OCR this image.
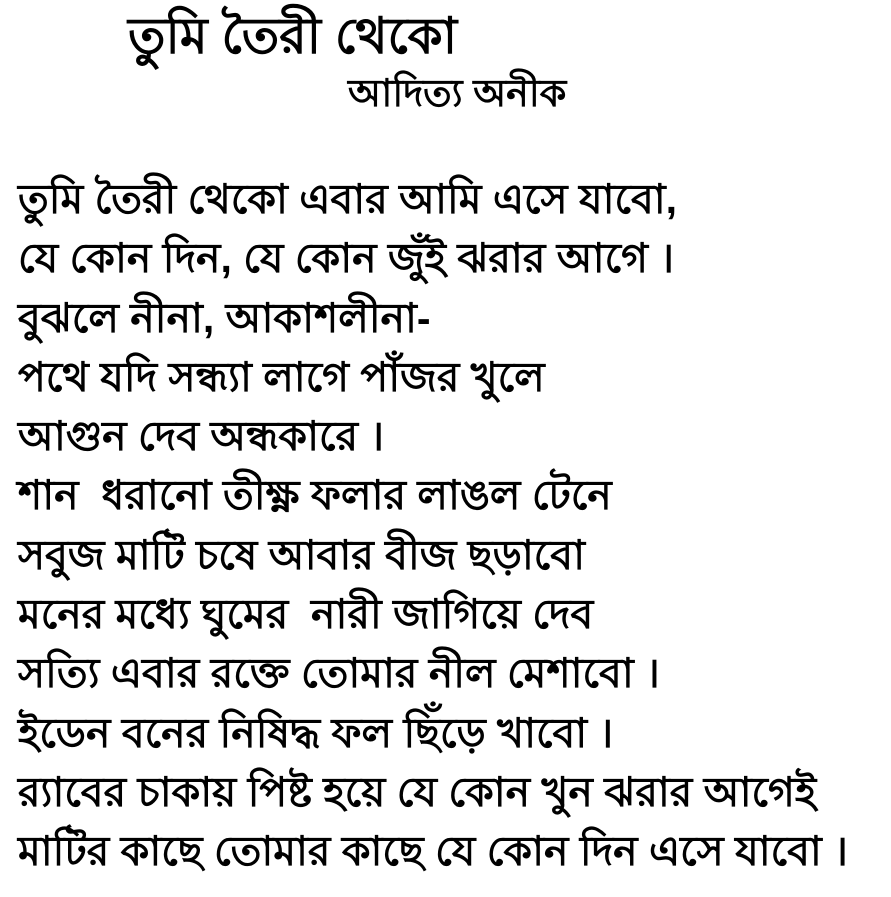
তুমি তৈরী থেকো
আদিত্য অনীক
তুমি তৈরী থেকো এবার আমি এসে যাবো,
যে কোন দিন, যে কোন জুঁই ঝরার আগে ।
বুঝলে নীনা, আকাশলীনা-
পথে যদি সন্ধ্যা লাগে পাঁজর খুলে
আগুন দেব অন্ধকারে ।
শান  ধরানো তীক্ষ্ণ ফলার লাঙল টেনে
সবুজ মাটি চষে আবার বীজ ছড়াবো
মনের মধ্যে ঘুমের  নারী জাগিয়ে দেব
সত্যি এবার রক্তে তোমার নীল মেশাবো ।
ইডেন বনের নিষিদ্ধ ফল ছিঁড়ে খাবো ।
র‍্যাবের চাকায় পিষ্ট হয়ে যে কোন খুন ঝরার আগেই
মাটির কাছে তোমার কাছে যে কোন দিন এসে যাবো ।
